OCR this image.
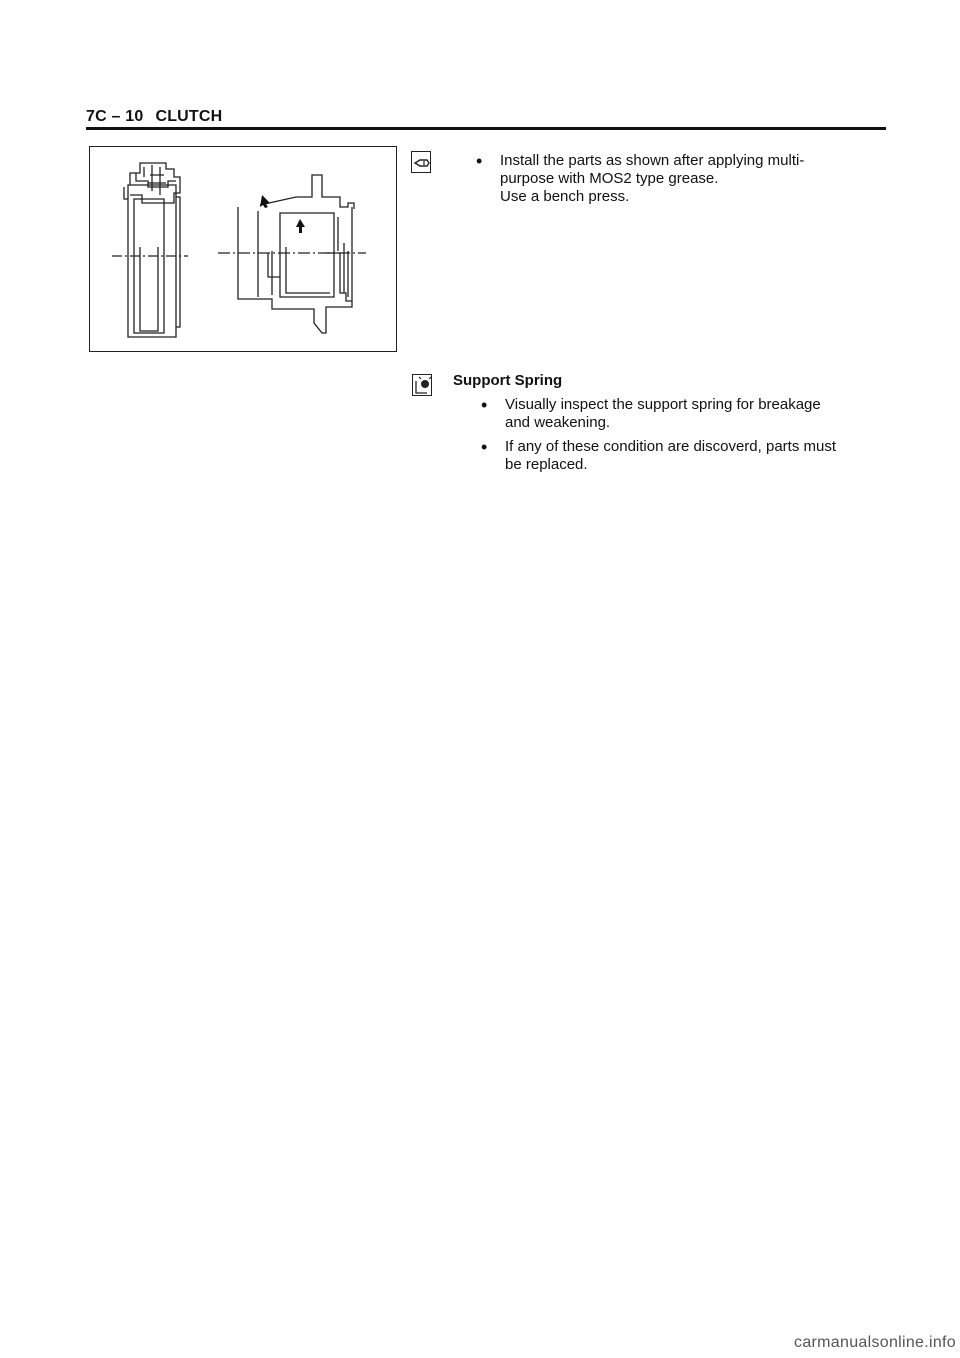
7C – 10 CLUTCH
•	Install the parts as shown after applying multi-
purpose with MOS2 type grease.
Use a bench press.
Support Spring
•	Visually inspect the support spring for breakage
and weakening.
•	If any of these condition are discoverd, parts must
be replaced.
carmanualsonline.info
